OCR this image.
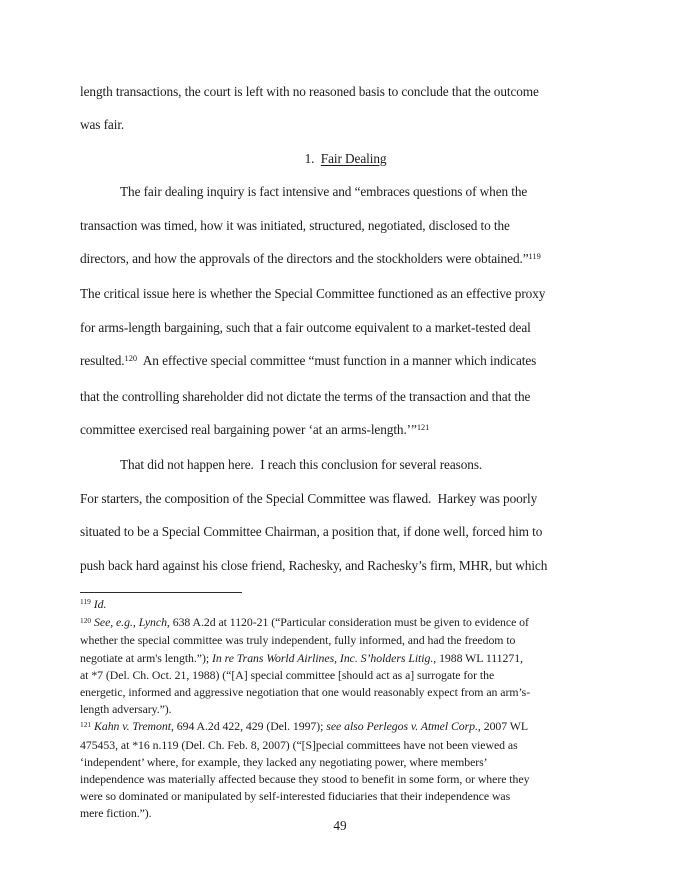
length transactions, the court is left with no reasoned basis to conclude that the outcome
was fair.
1.  Fair Dealing
The fair dealing inquiry is fact intensive and “embraces questions of when the
transaction was timed, how it was initiated, structured, negotiated, disclosed to the
directors, and how the approvals of the directors and the stockholders were obtained.”$^{119}$
The critical issue here is whether the Special Committee functioned as an effective proxy
for arms-length bargaining, such that a fair outcome equivalent to a market-tested deal
resulted.$^{120}$  An effective special committee “must function in a manner which indicates
that the controlling shareholder did not dictate the terms of the transaction and that the
committee exercised real bargaining power ‘at an arms-length.’”$^{121}$
That did not happen here.  I reach this conclusion for several reasons.
For starters, the composition of the Special Committee was flawed.  Harkey was poorly
situated to be a Special Committee Chairman, a position that, if done well, forced him to
push back hard against his close friend, Rachesky, and Rachesky’s firm, MHR, but which
$^{119}$ Id.
$^{120}$ See, e.g., Lynch, 638 A.2d at 1120-21 (“Particular consideration must be given to evidence of
whether the special committee was truly independent, fully informed, and had the freedom to
negotiate at arm's length.”); In re Trans World Airlines, Inc. S’holders Litig., 1988 WL 111271,
at *7 (Del. Ch. Oct. 21, 1988) (“[A] special committee [should act as a] surrogate for the
energetic, informed and aggressive negotiation that one would reasonably expect from an arm’s-
length adversary.”).
$^{121}$ Kahn v. Tremont, 694 A.2d 422, 429 (Del. 1997); see also Perlegos v. Atmel Corp., 2007 WL
475453, at *16 n.119 (Del. Ch. Feb. 8, 2007) (“[S]pecial committees have not been viewed as
‘independent’ where, for example, they lacked any negotiating power, where members’
independence was materially affected because they stood to benefit in some form, or where they
were so dominated or manipulated by self-interested fiduciaries that their independence was
mere fiction.”).
49
